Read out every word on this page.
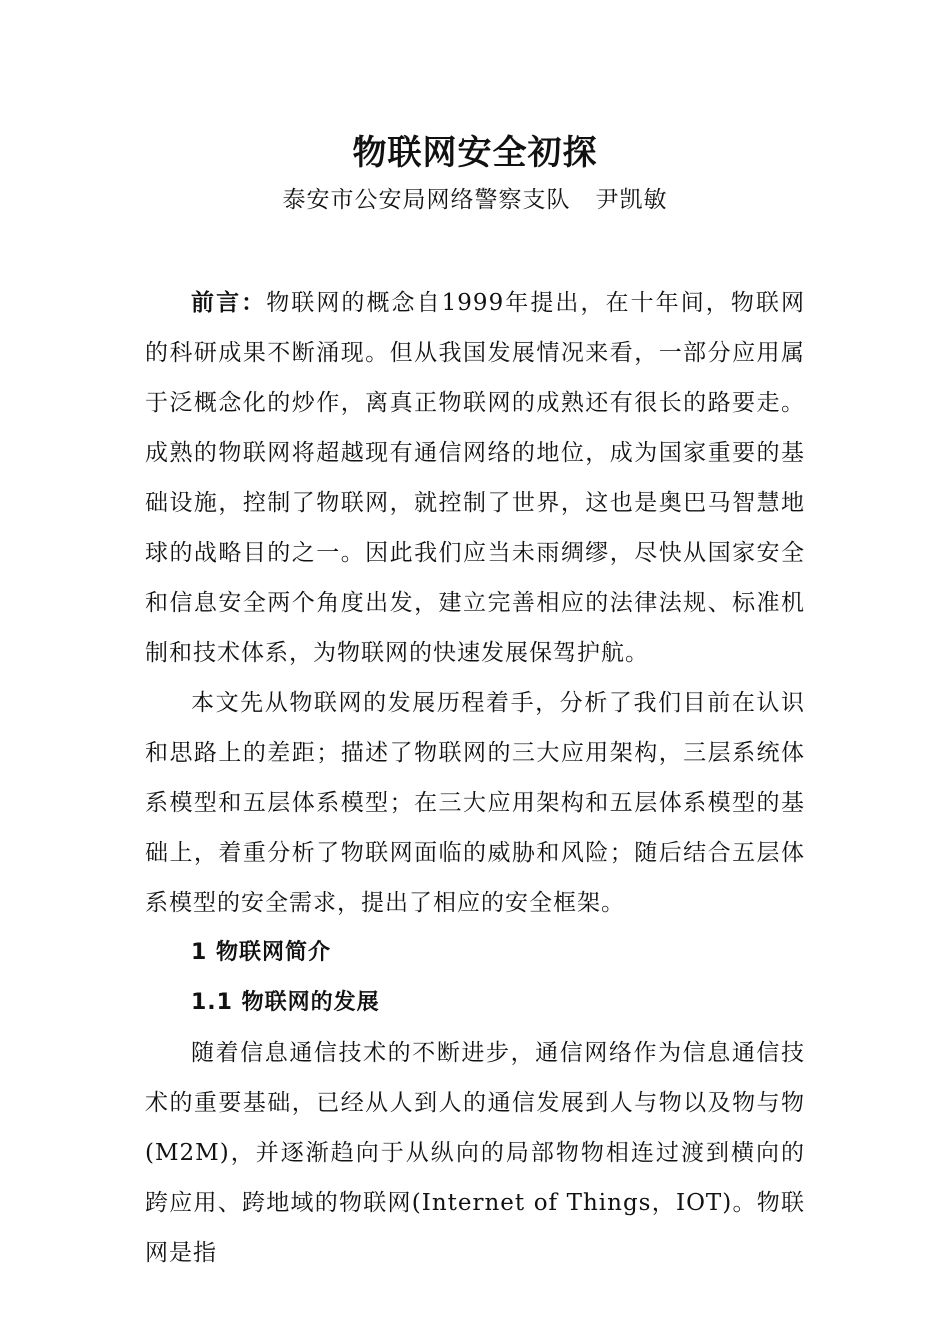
物联网安全初探
泰安市公安局网络警察支队   尹凯敏

前言：物联网的概念自1999年提出，在十年间，物联网的科研成果不断涌现。但从我国发展情况来看，一部分应用属于泛概念化的炒作，离真正物联网的成熟还有很长的路要走。成熟的物联网将超越现有通信网络的地位，成为国家重要的基础设施，控制了物联网，就控制了世界，这也是奥巴马智慧地球的战略目的之一。因此我们应当未雨绸缪，尽快从国家安全和信息安全两个角度出发，建立完善相应的法律法规、标准机制和技术体系，为物联网的快速发展保驾护航。

本文先从物联网的发展历程着手，分析了我们目前在认识和思路上的差距；描述了物联网的三大应用架构，三层系统体系模型和五层体系模型；在三大应用架构和五层体系模型的基础上，着重分析了物联网面临的威胁和风险；随后结合五层体系模型的安全需求，提出了相应的安全框架。

1 物联网简介
1.1 物联网的发展

随着信息通信技术的不断进步，通信网络作为信息通信技术的重要基础，已经从人到人的通信发展到人与物以及物与物(M2M)，并逐渐趋向于从纵向的局部物物相连过渡到横向的跨应用、跨地域的物联网(Internet of Things，IOT)。物联网是指
